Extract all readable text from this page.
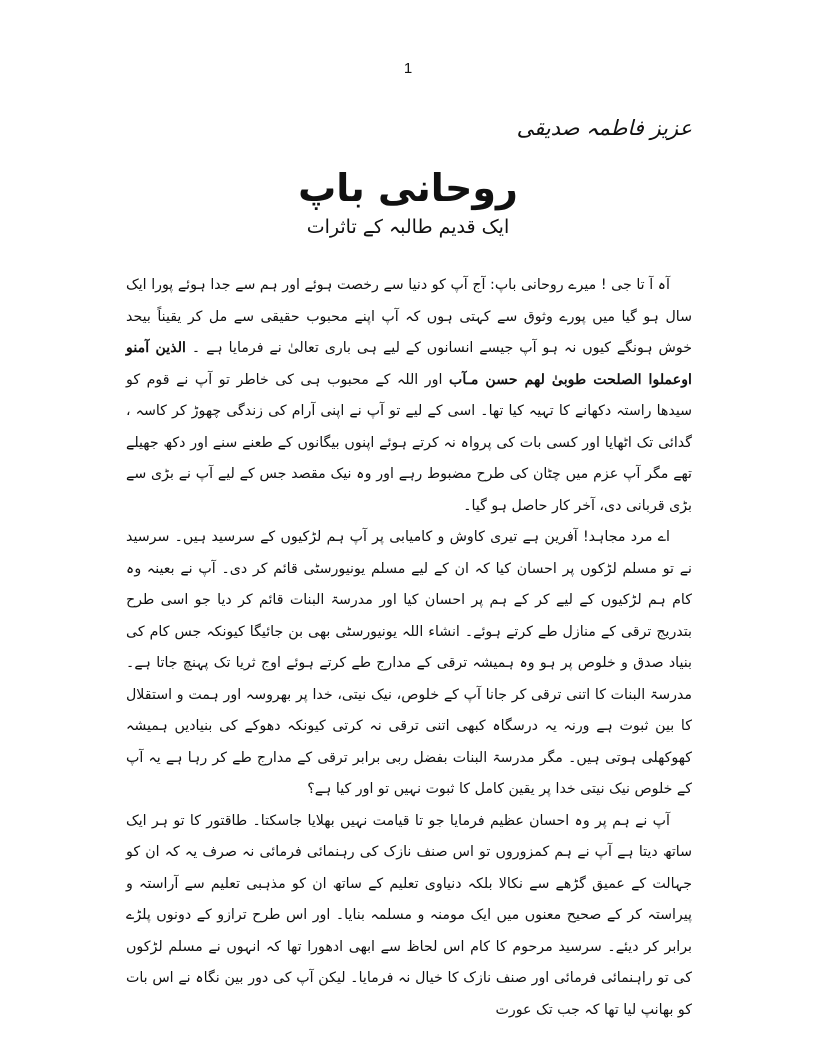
1
عزیز فاطمہ صدیقی
روحانی باپ
ایک قدیم طالبہ کے تاثرات

آہ آ تا جی ! میرے روحانی باپ: آج آپ کو دنیا سے رخصت ہوئے اور ہم سے جدا ہوئے پورا ایک سال ہو گیا میں پورے وثوق سے کہتی ہوں کہ آپ اپنے محبوب حقیقی سے مل کر یقیناً بیحد خوش ہونگے کیوں نہ ہو آپ جیسے انسانوں کے لیے ہی باری تعالیٰ نے فرمایا ہے ۔ الذین آمنو اوعملوا الصلحت طوبیٰ لھم حسن مـآب اور اللہ کے محبوب ہی کی خاطر تو آپ نے قوم کو سیدھا راستہ دکھانے کا تہیہ کیا تھا۔ اسی کے لیے تو آپ نے اپنی آرام کی زندگی چھوڑ کر کاسہ ، گدائی تک اٹھایا اور کسی بات کی پرواہ نہ کرتے ہوئے اپنوں بیگانوں کے طعنے سنے اور دکھ جھیلے تھے مگر آپ عزم میں چٹان کی طرح مضبوط رہے اور وہ نیک مقصد جس کے لیے آپ نے بڑی سے بڑی قربانی دی، آخر کار حاصل ہو گیا۔

اے مرد مجاہد! آفرین ہے تیری کاوش و کامیابی پر آپ ہم لڑکیوں کے سرسید ہیں۔ سرسید نے تو مسلم لڑکوں پر احسان کیا کہ ان کے لیے مسلم یونیورسٹی قائم کر دی۔ آپ نے بعینہ وہ کام ہم لڑکیوں کے لیے کر کے ہم پر احسان کیا اور مدرسۃ البنات قائم کر دیا جو اسی طرح بتدریج ترقی کے منازل طے کرتے ہوئے۔ انشاء اللہ یونیورسٹی بھی بن جائیگا کیونکہ جس کام کی بنیاد صدق و خلوص پر ہو وہ ہمیشہ ترقی کے مدارج طے کرتے ہوئے اوج ثریا تک پہنچ جاتا ہے۔ مدرسۃ البنات کا اتنی ترقی کر جانا آپ کے خلوص، نیک نیتی، خدا پر بھروسہ اور ہمت و استقلال کا بین ثبوت ہے ورنہ یہ درسگاہ کبھی اتنی ترقی نہ کرتی کیونکہ دھوکے کی بنیادیں ہمیشہ کھوکھلی ہوتی ہیں۔ مگر مدرسۃ البنات بفضل ربی برابر ترقی کے مدارج طے کر رہا ہے یہ آپ کے خلوص نیک نیتی خدا پر یقین کامل کا ثبوت نہیں تو اور کیا ہے؟

آپ نے ہم پر وہ احسان عظیم فرمایا جو تا قیامت نہیں بھلایا جاسکتا۔ طاقتور کا تو ہر ایک ساتھ دیتا ہے آپ نے ہم کمزوروں تو اس صنف نازک کی رہنمائی فرمائی نہ صرف یہ کہ ان کو جہالت کے عمیق گڑھے سے نکالا بلکہ دنیاوی تعلیم کے ساتھ ان کو مذہبی تعلیم سے آراستہ و پیراستہ کر کے صحیح معنوں میں ایک مومنہ و مسلمہ بنایا۔ اور اس طرح ترازو کے دونوں پلڑے برابر کر دیئے۔ سرسید مرحوم کا کام اس لحاظ سے ابھی ادھورا تھا کہ انہوں نے مسلم لڑکوں کی تو راہنمائی فرمائی اور صنف نازک کا خیال نہ فرمایا۔ لیکن آپ کی دور بین نگاہ نے اس بات کو بھانپ لیا تھا کہ جب تک عورت
